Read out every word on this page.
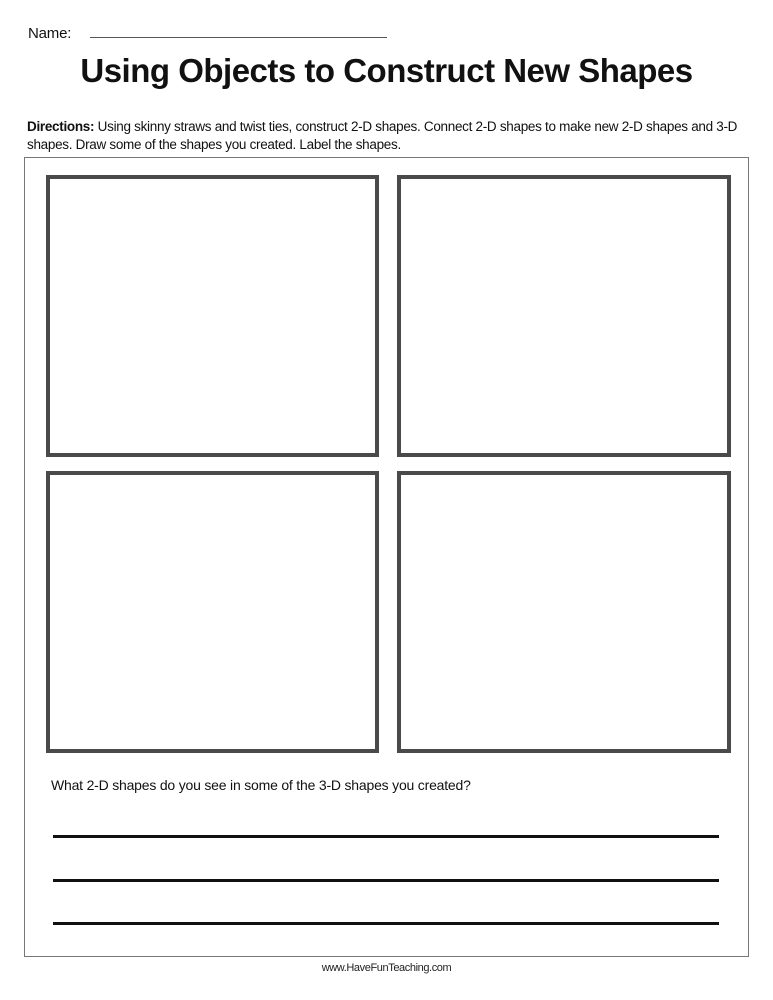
Name:
Using Objects to Construct New Shapes
Directions: Using skinny straws and twist ties, construct 2-D shapes. Connect 2-D shapes to make new 2-D shapes and 3-D shapes. Draw some of the shapes you created. Label the shapes.
What 2-D shapes do you see in some of the 3-D shapes you created?
www.HaveFunTeaching.com
